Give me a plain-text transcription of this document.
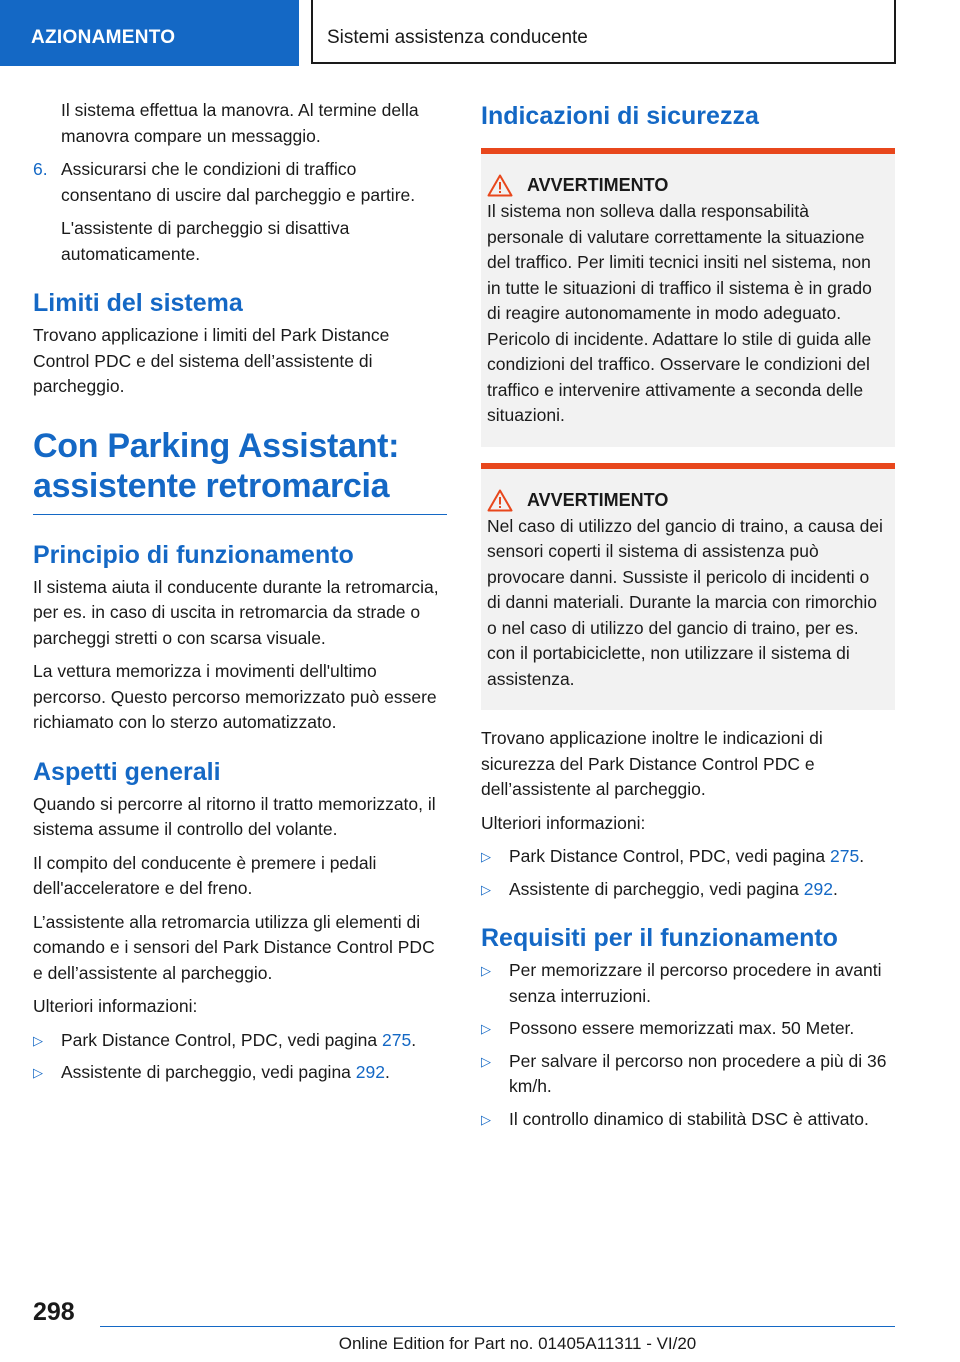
AZIONAMENTO	Sistemi assistenza conducente

Il sistema effettua la manovra. Al termine della manovra compare un messaggio.

6. Assicurarsi che le condizioni di traffico consentano di uscire dal parcheggio e partire.

L'assistente di parcheggio si disattiva automaticamente.

Limiti del sistema

Trovano applicazione i limiti del Park Distance Control PDC e del sistema dell’assistente di parcheggio.

Con Parking Assistant: assistente retromarcia
Principio di funzionamento

Il sistema aiuta il conducente durante la retromarcia, per es. in caso di uscita in retromarcia da strade o parcheggi stretti o con scarsa visuale.

La vettura memorizza i movimenti dell'ultimo percorso. Questo percorso memorizzato può essere richiamato con lo sterzo automatizzato.

Aspetti generali

Quando si percorre al ritorno il tratto memorizzato, il sistema assume il controllo del volante.

Il compito del conducente è premere i pedali dell'acceleratore e del freno.

L’assistente alla retromarcia utilizza gli elementi di comando e i sensori del Park Distance Control PDC e dell’assistente al parcheggio.

Ulteriori informazioni:

▷ Park Distance Control, PDC, vedi pagina 275.
▷ Assistente di parcheggio, vedi pagina 292.
Indicazioni di sicurezza
AVVERTIMENTO

Il sistema non solleva dalla responsabilità personale di valutare correttamente la situazione del traffico. Per limiti tecnici insiti nel sistema, non in tutte le situazioni di traffico il sistema è in grado di reagire autonomamente in modo adeguato. Pericolo di incidente. Adattare lo stile di guida alle condizioni del traffico. Osservare le condizioni del traffico e intervenire attivamente a seconda delle situazioni.

AVVERTIMENTO

Nel caso di utilizzo del gancio di traino, a causa dei sensori coperti il sistema di assistenza può provocare danni. Sussiste il pericolo di incidenti o di danni materiali. Durante la marcia con rimorchio o nel caso di utilizzo del gancio di traino, per es. con il portabiciclette, non utilizzare il sistema di assistenza.

Trovano applicazione inoltre le indicazioni di sicurezza del Park Distance Control PDC e dell’assistente al parcheggio.

Ulteriori informazioni:

▷ Park Distance Control, PDC, vedi pagina 275.
▷ Assistente di parcheggio, vedi pagina 292.
Requisiti per il funzionamento
▷ Per memorizzare il percorso procedere in avanti senza interruzioni.
▷ Possono essere memorizzati max. 50 Meter.
▷ Per salvare il percorso non procedere a più di 36 km/h.
▷ Il controllo dinamico di stabilità DSC è attivato.
298
Online Edition for Part no. 01405A11311 - VI/20
